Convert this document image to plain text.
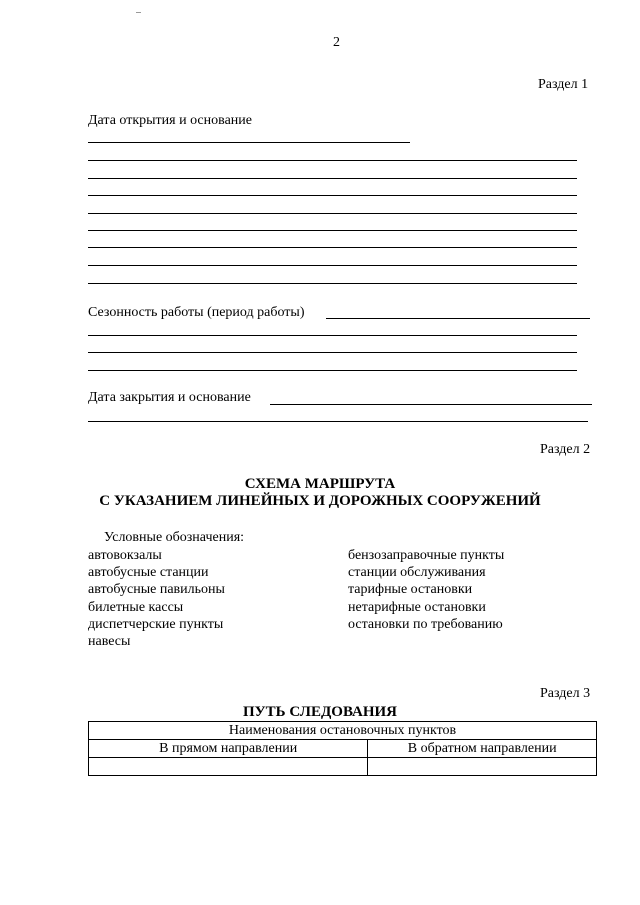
2
Раздел 1
Дата открытия и основание
Сезонность работы (период работы)
Дата закрытия и основание
Раздел 2
СХЕМА МАРШРУТА
С УКАЗАНИЕМ ЛИНЕЙНЫХ И ДОРОЖНЫХ СООРУЖЕНИЙ
Условные обозначения:
автовокзалы
автобусные станции
автобусные павильоны
билетные кассы
диспетчерские пункты
навесы
бензозаправочные пункты
станции обслуживания
тарифные остановки
нетарифные остановки
остановки по требованию
Раздел 3
ПУТЬ СЛЕДОВАНИЯ
Наименования остановочных пунктов	
В прямом направлении	В обратном направлении
